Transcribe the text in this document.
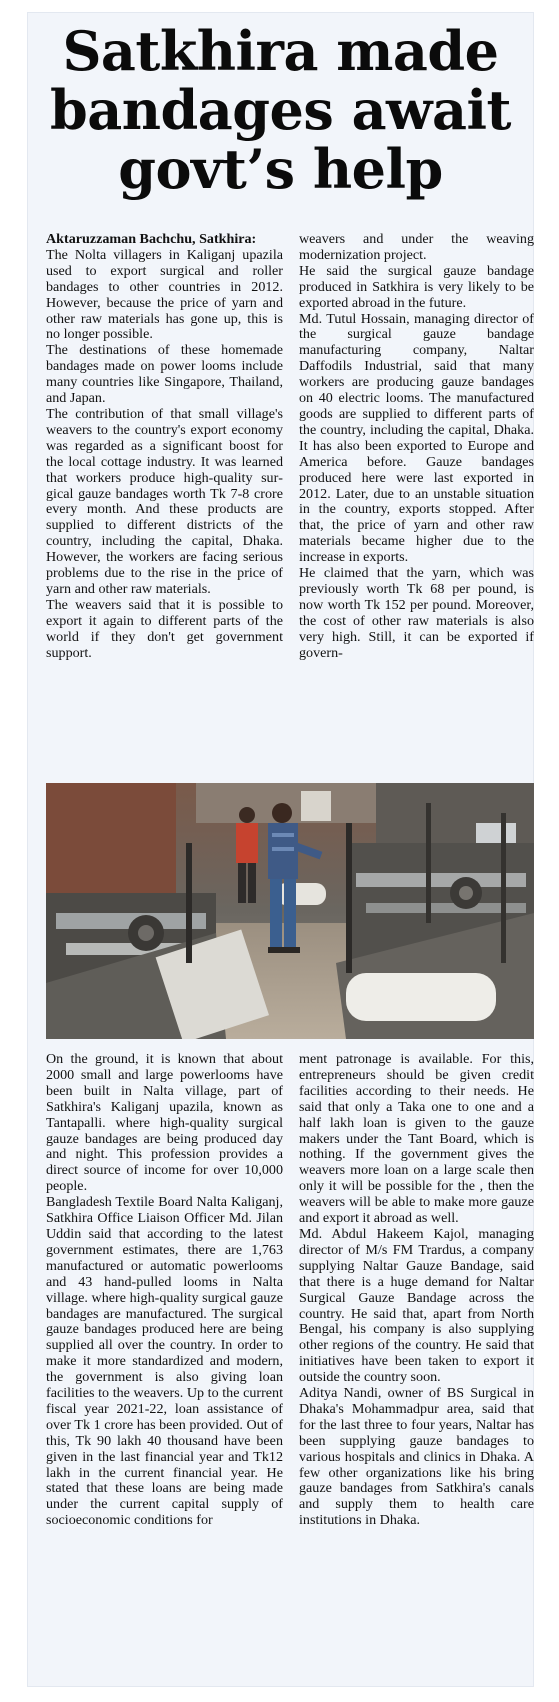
Satkhira made
bandages await
govt’s help

Aktaruzzaman Bachchu, Satkhira:

The Nolta villagers in Kaliganj upazila used to export surgical and roller bandages to other countries in 2012. However, because the price of yarn and other raw materials has gone up, this is no longer possible.

The destinations of these homemade bandages made on power looms include many countries like Singapore, Thailand, and Japan.

The contribution of that small village's weavers to the country's export economy was regarded as a significant boost for the local cottage industry. It was learned that workers produce high-quality surgical gauze bandages worth Tk 7-8 crore every month. And these products are supplied to different districts of the country, including the capital, Dhaka. However, the workers are facing serious problems due to the rise in the price of yarn and other raw materials.

The weavers said that it is possible to export it again to different parts of the world if they don't get government support.

weavers and under the weaving modernization project.

He said the surgical gauze bandage produced in Satkhira is very likely to be exported abroad in the future.

Md. Tutul Hossain, managing director of the surgical gauze bandage manufacturing company, Naltar Daffodils Industrial, said that many workers are producing gauze bandages on 40 electric looms. The manufactured goods are supplied to different parts of the country, including the capital, Dhaka. It has also been exported to Europe and America before. Gauze bandages produced here were last exported in 2012. Later, due to an unstable situation in the country, exports stopped. After that, the price of yarn and other raw materials became higher due to the increase in exports.

He claimed that the yarn, which was previously worth Tk 68 per pound, is now worth Tk 152 per pound. Moreover, the cost of other raw materials is also very high. Still, it can be exported if govern-

On the ground, it is known that about 2000 small and large powerlooms have been built in Nalta village, part of Satkhira's Kaliganj upazila, known as Tantapalli. where high-quality surgical gauze bandages are being produced day and night. This profession provides a direct source of income for over 10,000 people.

Bangladesh Textile Board Nalta Kaliganj, Satkhira Office Liaison Officer Md. Jilan Uddin said that according to the latest government estimates, there are 1,763 manufactured or automatic powerlooms and 43 hand-pulled looms in Nalta village. where high-quality surgical gauze bandages are manufactured. The surgical gauze bandages produced here are being supplied all over the country. In order to make it more standardized and modern, the government is also giving loan facilities to the weavers. Up to the current fiscal year 2021-22, loan assistance of over Tk 1 crore has been provided. Out of this, Tk 90 lakh 40 thousand have been given in the last financial year and Tk12 lakh in the current financial year. He stated that these loans are being made under the current capital supply of socioeconomic conditions for

ment patronage is available. For this, entrepreneurs should be given credit facilities according to their needs. He said that only a Taka one to one and a half lakh loan is given to the gauze makers under the Tant Board, which is nothing. If the government gives the weavers more loan on a large scale then only it will be possible for the , then the weavers will be able to make more gauze and export it abroad as well.

Md. Abdul Hakeem Kajol, managing director of M/s FM Trardus, a company supplying Naltar Gauze Bandage, said that there is a huge demand for Naltar Surgical Gauze Bandage across the country. He said that, apart from North Bengal, his company is also supplying other regions of the country. He said that initiatives have been taken to export it outside the country soon.

Aditya Nandi, owner of BS Surgical in Dhaka's Mohammadpur area, said that for the last three to four years, Naltar has been supplying gauze bandages to various hospitals and clinics in Dhaka. A few other organizations like his bring gauze bandages from Satkhira's canals and supply them to health care institutions in Dhaka.
